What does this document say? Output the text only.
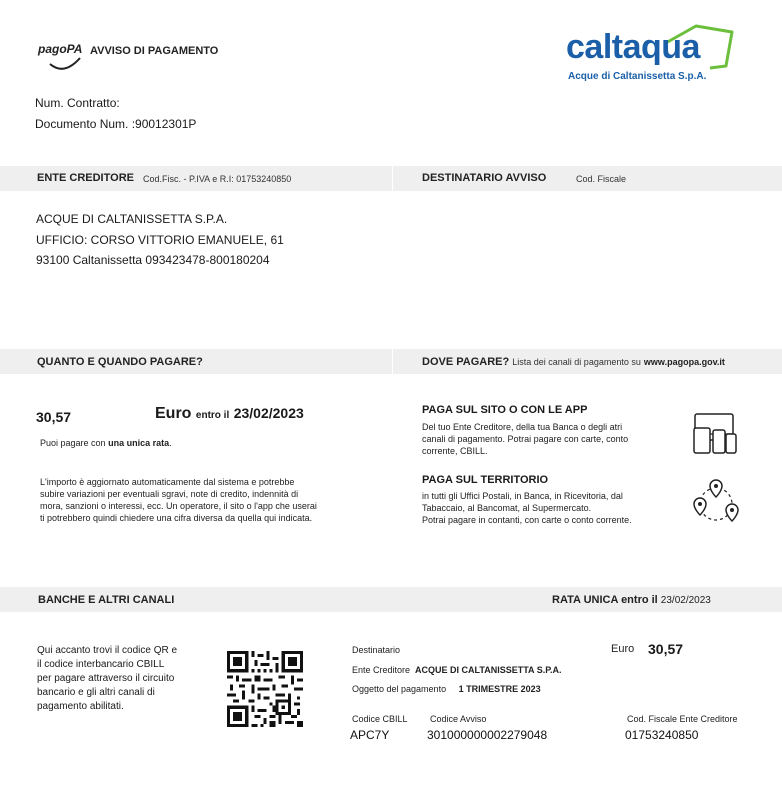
pagoPA AVVISO DI PAGAMENTO	caltaqua
Acque di Caltanissetta S.p.A.
Num. Contratto:
Documento Num. :90012301P
ENTE CREDITORE Cod.Fisc. - P.IVA e R.I: 01753240850	DESTINATARIO AVVISO	Cod. Fiscale
ACQUE DI CALTANISSETTA S.P.A.
UFFICIO: CORSO VITTORIO EMANUELE, 61
93100 Caltanissetta 093423478-800180204
QUANTO E QUANDO PAGARE?	DOVE PAGARE? Lista dei canali di pagamento su www.pagopa.gov.it
30,57	Euro entro il 23/02/2023
Puoi pagare con una unica rata.
L'importo è aggiornato automaticamente dal sistema e potrebbe
subire variazioni per eventuali sgravi, note di credito, indennità di
mora, sanzioni o interessi, ecc. Un operatore, il sito o l'app che userai
ti potrebbero quindi chiedere una cifra diversa da quella qui indicata.
PAGA SUL SITO O CON LE APP
Del tuo Ente Creditore, della tua Banca o degli atri
canali di pagamento. Potrai pagare con carte, conto
corrente, CBILL.
PAGA SUL TERRITORIO
in tutti gli Uffici Postali, in Banca, in Ricevitoria, dal
Tabaccaio, al Bancomat, al Supermercato.
Potrai pagare in contanti, con carte o conto corrente.
BANCHE E ALTRI CANALI	RATA UNICA entro il 23/02/2023
Qui accanto trovi il codice QR e
il codice interbancario CBILL
per pagare attraverso il circuito
bancario e gli altri canali di
pagamento abilitati.
Destinatario	Euro 30,57
Ente Creditore ACQUE DI CALTANISSETTA S.P.A.
Oggetto del pagamento 1 TRIMESTRE 2023
Codice CBILL
APC7Y
Codice Avviso
301000000002279048
Cod. Fiscale Ente Creditore
01753240850
